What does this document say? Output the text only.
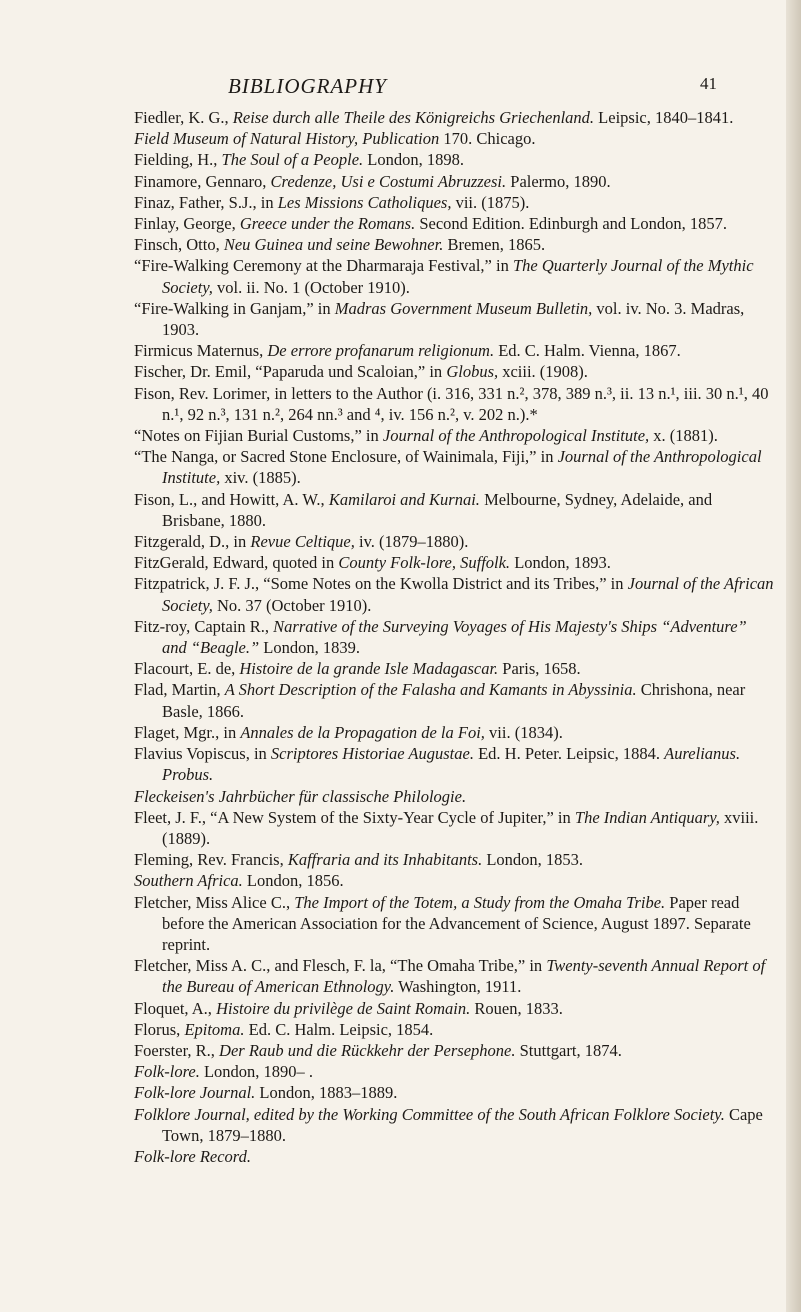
BIBLIOGRAPHY	41
Fiedler, K. G., Reise durch alle Theile des Königreichs Griechenland. Leipsic, 1840–1841.
Field Museum of Natural History, Publication 170. Chicago.
Fielding, H., The Soul of a People. London, 1898.
Finamore, Gennaro, Credenze, Usi e Costumi Abruzzesi. Palermo, 1890.
Finaz, Father, S.J., in Les Missions Catholiques, vii. (1875).
Finlay, George, Greece under the Romans. Second Edition. Edinburgh and London, 1857.
Finsch, Otto, Neu Guinea und seine Bewohner. Bremen, 1865.
“Fire-Walking Ceremony at the Dharmaraja Festival,” in The Quarterly Journal of the Mythic Society, vol. ii. No. 1 (October 1910).
“Fire-Walking in Ganjam,” in Madras Government Museum Bulletin, vol. iv. No. 3. Madras, 1903.
Firmicus Maternus, De errore profanarum religionum. Ed. C. Halm. Vienna, 1867.
Fischer, Dr. Emil, “Paparuda und Scaloian,” in Globus, xciii. (1908).
Fison, Rev. Lorimer, in letters to the Author (i. 316, 331 n.², 378, 389 n.³, ii. 13 n.¹, iii. 30 n.¹, 40 n.¹, 92 n.³, 131 n.², 264 nn.³ and ⁴, iv. 156 n.², v. 202 n.).*
“Notes on Fijian Burial Customs,” in Journal of the Anthropological Institute, x. (1881).
“The Nanga, or Sacred Stone Enclosure, of Wainimala, Fiji,” in Journal of the Anthropological Institute, xiv. (1885).
Fison, L., and Howitt, A. W., Kamilaroi and Kurnai. Melbourne, Sydney, Adelaide, and Brisbane, 1880.
Fitzgerald, D., in Revue Celtique, iv. (1879–1880).
FitzGerald, Edward, quoted in County Folk-lore, Suffolk. London, 1893.
Fitzpatrick, J. F. J., “Some Notes on the Kwolla District and its Tribes,” in Journal of the African Society, No. 37 (October 1910).
Fitz-roy, Captain R., Narrative of the Surveying Voyages of His Majesty's Ships “Adventure” and “Beagle.” London, 1839.
Flacourt, E. de, Histoire de la grande Isle Madagascar. Paris, 1658.
Flad, Martin, A Short Description of the Falasha and Kamants in Abyssinia. Chrishona, near Basle, 1866.
Flaget, Mgr., in Annales de la Propagation de la Foi, vii. (1834).
Flavius Vopiscus, in Scriptores Historiae Augustae. Ed. H. Peter. Leipsic, 1884. Aurelianus. Probus.
Fleckeisen's Jahrbücher für classische Philologie.
Fleet, J. F., “A New System of the Sixty-Year Cycle of Jupiter,” in The Indian Antiquary, xviii. (1889).
Fleming, Rev. Francis, Kaffraria and its Inhabitants. London, 1853.
Southern Africa. London, 1856.
Fletcher, Miss Alice C., The Import of the Totem, a Study from the Omaha Tribe. Paper read before the American Association for the Advancement of Science, August 1897. Separate reprint.
Fletcher, Miss A. C., and Flesch, F. la, “The Omaha Tribe,” in Twenty-seventh Annual Report of the Bureau of American Ethnology. Washington, 1911.
Floquet, A., Histoire du privilège de Saint Romain. Rouen, 1833.
Florus, Epitoma. Ed. C. Halm. Leipsic, 1854.
Foerster, R., Der Raub und die Rückkehr der Persephone. Stuttgart, 1874.
Folk-lore. London, 1890– .
Folk-lore Journal. London, 1883–1889.
Folklore Journal, edited by the Working Committee of the South African Folklore Society. Cape Town, 1879–1880.
Folk-lore Record.
